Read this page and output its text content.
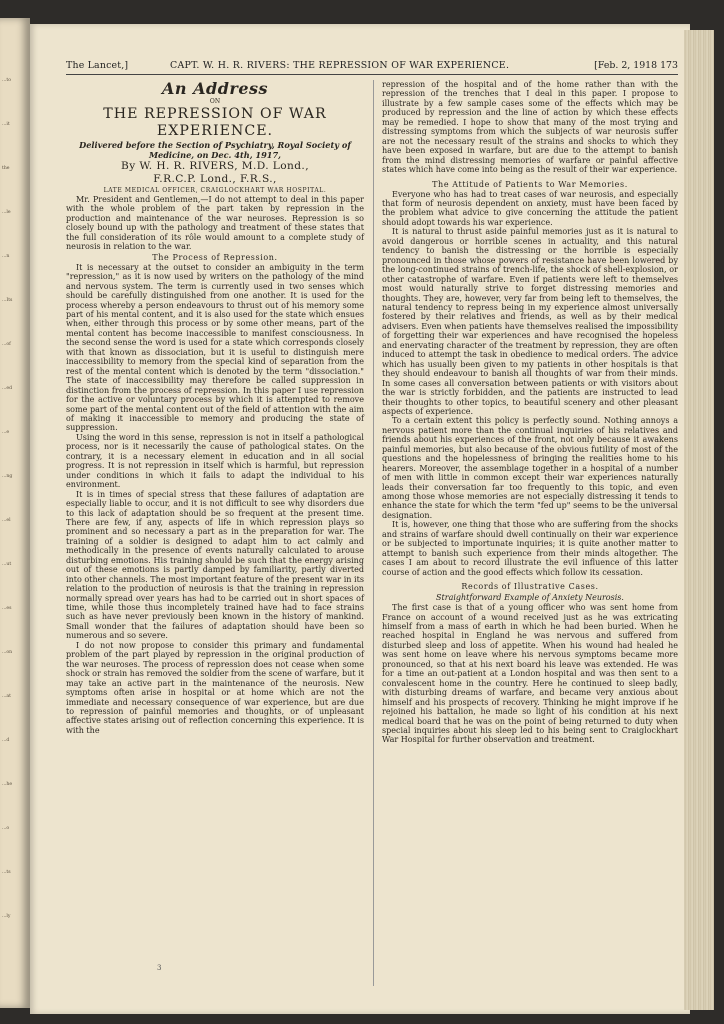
...to
...it
the
...le
...n
...Its
...of
...ed
...e
...ng
...el
...ut
...es
...on
...at
...d
...he
...o
...ts
...ly
The Lancet,]	CAPT. W. H. R. RIVERS: THE REPRESSION OF WAR EXPERIENCE.	[Feb. 2, 1918 173

An Address

ON

THE REPRESSION OF WAR EXPERIENCE.

Delivered before the Section of Psychiatry, Royal Society of Medicine, on Dec. 4th, 1917,

By W. H. R. RIVERS, M.D. Lond.,

F.R.C.P. Lond., F.R.S.,

LATE MEDICAL OFFICER, CRAIGLOCKHART WAR HOSPITAL.

Mr. President and Gentlemen,—I do not attempt to deal in this paper with the whole problem of the part taken by repression in the production and maintenance of the war neuroses. Repression is so closely bound up with the pathology and treatment of these states that the full consideration of its rôle would amount to a complete study of neurosis in relation to the war.

The Process of Repression.

It is necessary at the outset to consider an ambiguity in the term "repression," as it is now used by writers on the pathology of the mind and nervous system. The term is currently used in two senses which should be carefully distinguished from one another. It is used for the process whereby a person endeavours to thrust out of his memory some part of his mental content, and it is also used for the state which ensues when, either through this process or by some other means, part of the mental content has become inaccessible to manifest consciousness. In the second sense the word is used for a state which corresponds closely with that known as dissociation, but it is useful to distinguish mere inaccessibility to memory from the special kind of separation from the rest of the mental content which is denoted by the term "dissociation." The state of inaccessibility may therefore be called suppression in distinction from the process of repression. In this paper I use repression for the active or voluntary process by which it is attempted to remove some part of the mental content out of the field of attention with the aim of making it inaccessible to memory and producing the state of suppression.

Using the word in this sense, repression is not in itself a pathological process, nor is it necessarily the cause of pathological states. On the contrary, it is a necessary element in education and in all social progress. It is not repression in itself which is harmful, but repression under conditions in which it fails to adapt the individual to his environment.

It is in times of special stress that these failures of adaptation are especially liable to occur, and it is not difficult to see why disorders due to this lack of adaptation should be so frequent at the present time. There are few, if any, aspects of life in which repression plays so prominent and so necessary a part as in the preparation for war. The training of a soldier is designed to adapt him to act calmly and methodically in the presence of events naturally calculated to arouse disturbing emotions. His training should be such that the energy arising out of these emotions is partly damped by familiarity, partly diverted into other channels. The most important feature of the present war in its relation to the production of neurosis is that the training in repression normally spread over years has had to be carried out in short spaces of time, while those thus incompletely trained have had to face strains such as have never previously been known in the history of mankind. Small wonder that the failures of adaptation should have been so numerous and so severe.

I do not now propose to consider this primary and fundamental problem of the part played by repression in the original production of the war neuroses. The process of repression does not cease when some shock or strain has removed the soldier from the scene of warfare, but it may take an active part in the maintenance of the neurosis. New symptoms often arise in hospital or at home which are not the immediate and necessary consequence of war experience, but are due to repression of painful memories and thoughts, or of unpleasant affective states arising out of reflection concerning this experience. It is with the

repression of the hospital and of the home rather than with the repression of the trenches that I deal in this paper. I propose to illustrate by a few sample cases some of the effects which may be produced by repression and the line of action by which these effects may be remedied. I hope to show that many of the most trying and distressing symptoms from which the subjects of war neurosis suffer are not the necessary result of the strains and shocks to which they have been exposed in warfare, but are due to the attempt to banish from the mind distressing memories of warfare or painful affective states which have come into being as the result of their war experience.

The Attitude of Patients to War Memories.

Everyone who has had to treat cases of war neurosis, and especially that form of neurosis dependent on anxiety, must have been faced by the problem what advice to give concerning the attitude the patient should adopt towards his war experience.

It is natural to thrust aside painful memories just as it is natural to avoid dangerous or horrible scenes in actuality, and this natural tendency to banish the distressing or the horrible is especially pronounced in those whose powers of resistance have been lowered by the long-continued strains of trench-life, the shock of shell-explosion, or other catastrophe of warfare. Even if patients were left to themselves most would naturally strive to forget distressing memories and thoughts. They are, however, very far from being left to themselves, the natural tendency to repress being in my experience almost universally fostered by their relatives and friends, as well as by their medical advisers. Even when patients have themselves realised the impossibility of forgetting their war experiences and have recognised the hopeless and enervating character of the treatment by repression, they are often induced to attempt the task in obedience to medical orders. The advice which has usually been given to my patients in other hospitals is that they should endeavour to banish all thoughts of war from their minds. In some cases all conversation between patients or with visitors about the war is strictly forbidden, and the patients are instructed to lead their thoughts to other topics, to beautiful scenery and other pleasant aspects of experience.

To a certain extent this policy is perfectly sound. Nothing annoys a nervous patient more than the continual inquiries of his relatives and friends about his experiences of the front, not only because it awakens painful memories, but also because of the obvious futility of most of the questions and the hopelessness of bringing the realities home to his hearers. Moreover, the assemblage together in a hospital of a number of men with little in common except their war experiences naturally leads their conversation far too frequently to this topic, and even among those whose memories are not especially distressing it tends to enhance the state for which the term "fed up" seems to be the universal designation.

It is, however, one thing that those who are suffering from the shocks and strains of warfare should dwell continually on their war experience or be subjected to importunate inquiries; it is quite another matter to attempt to banish such experience from their minds altogether. The cases I am about to record illustrate the evil influence of this latter course of action and the good effects which follow its cessation.

Records of Illustrative Cases.

Straightforward Example of Anxiety Neurosis.

The first case is that of a young officer who was sent home from France on account of a wound received just as he was extricating himself from a mass of earth in which he had been buried. When he reached hospital in England he was nervous and suffered from disturbed sleep and loss of appetite. When his wound had healed he was sent home on leave where his nervous symptoms became more pronounced, so that at his next board his leave was extended. He was for a time an out-patient at a London hospital and was then sent to a convalescent home in the country. Here he continued to sleep badly, with disturbing dreams of warfare, and became very anxious about himself and his prospects of recovery. Thinking he might improve if he rejoined his battalion, he made so light of his condition at his next medical board that he was on the point of being returned to duty when special inquiries about his sleep led to his being sent to Craiglockhart War Hospital for further observation and treatment.

3
